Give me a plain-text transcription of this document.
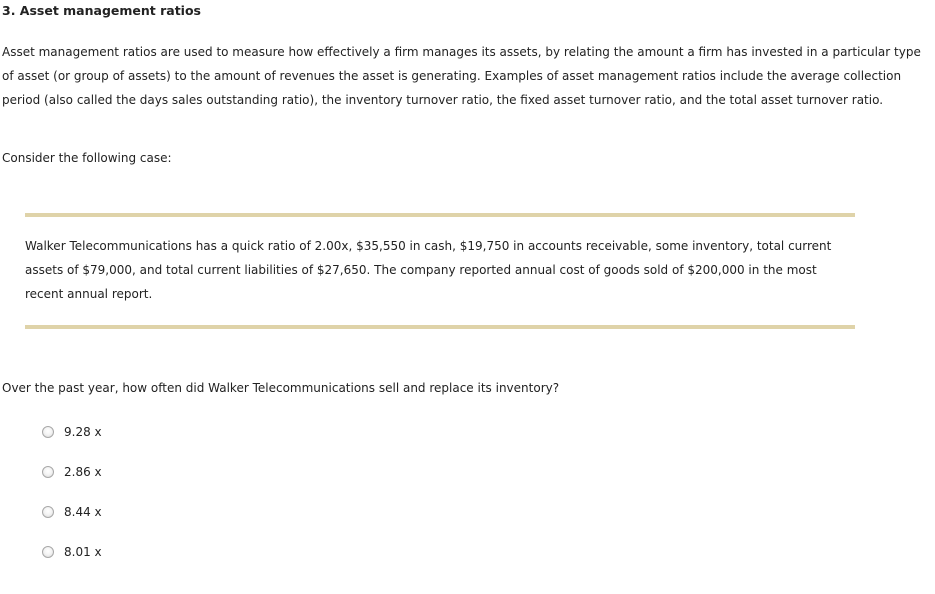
3. Asset management ratios

Asset management ratios are used to measure how effectively a firm manages its assets, by relating the amount a firm has invested in a particular type of asset (or group of assets) to the amount of revenues the asset is generating. Examples of asset management ratios include the average collection period (also called the days sales outstanding ratio), the inventory turnover ratio, the fixed asset turnover ratio, and the total asset turnover ratio.

Consider the following case:

Walker Telecommunications has a quick ratio of 2.00x, $35,550 in cash, $19,750 in accounts receivable, some inventory, total current assets of $79,000, and total current liabilities of $27,650. The company reported annual cost of goods sold of $200,000 in the most recent annual report.

Over the past year, how often did Walker Telecommunications sell and replace its inventory?

9.28 x
2.86 x
8.44 x
8.01 x
